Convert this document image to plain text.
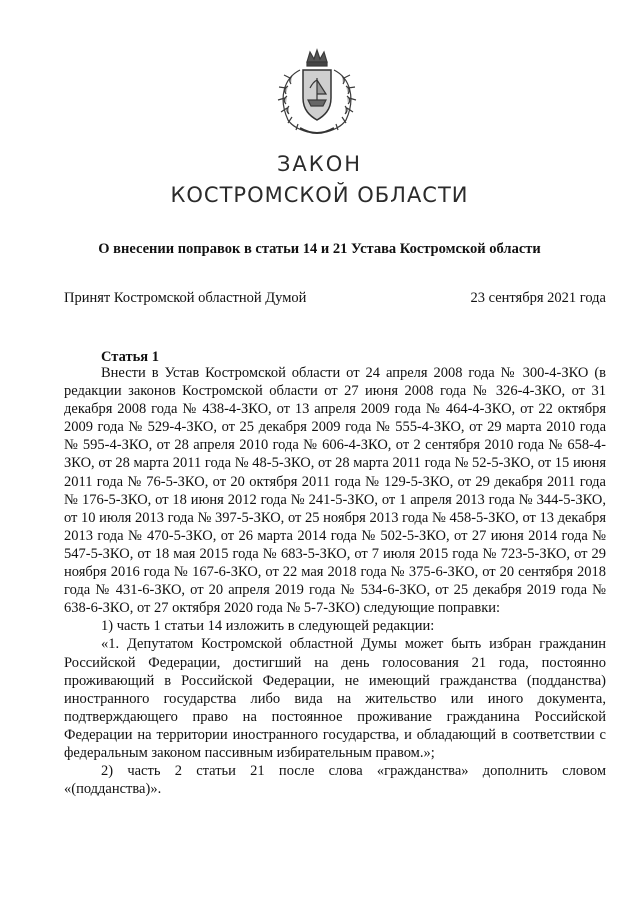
ЗАКОН
КОСТРОМСКОЙ ОБЛАСТИ
О внесении поправок в статьи 14 и 21 Устава Костромской области
Принят Костромской областной Думой	23 сентября 2021 года
Статья 1

Внести в Устав Костромской области от 24 апреля 2008 года № 300-4-ЗКО (в редакции законов Костромской области от 27 июня 2008 года № 326-4-ЗКО, от 31 декабря 2008 года № 438-4-ЗКО, от 13 апреля 2009 года № 464-4-ЗКО, от 22 октября 2009 года № 529-4-ЗКО, от 25 декабря 2009 года № 555-4-ЗКО, от 29 марта 2010 года № 595-4-ЗКО, от 28 апреля 2010 года № 606-4-ЗКО, от 2 сентября 2010 года № 658-4-ЗКО, от 28 марта 2011 года № 48-5-ЗКО, от 28 марта 2011 года № 52-5-ЗКО, от 15 июня 2011 года № 76-5-ЗКО, от 20 октября 2011 года № 129-5-ЗКО, от 29 декабря 2011 года № 176-5-ЗКО, от 18 июня 2012 года № 241-5-ЗКО, от 1 апреля 2013 года № 344-5-ЗКО, от 10 июля 2013 года № 397-5-ЗКО, от 25 ноября 2013 года № 458-5-ЗКО, от 13 декабря 2013 года № 470-5-ЗКО, от 26 марта 2014 года № 502-5-ЗКО, от 27 июня 2014 года № 547-5-ЗКО, от 18 мая 2015 года № 683-5-ЗКО, от 7 июля 2015 года № 723-5-ЗКО, от 29 ноября 2016 года № 167-6-ЗКО, от 22 мая 2018 года № 375-6-ЗКО, от 20 сентября 2018 года № 431-6-ЗКО, от 20 апреля 2019 года № 534-6-ЗКО, от 25 декабря 2019 года № 638-6-ЗКО, от 27 октября 2020 года № 5-7-ЗКО) следующие поправки:

1) часть 1 статьи 14 изложить в следующей редакции:

«1. Депутатом Костромской областной Думы может быть избран гражданин Российской Федерации, достигший на день голосования 21 года, постоянно проживающий в Российской Федерации, не имеющий гражданства (подданства) иностранного государства либо вида на жительство или иного документа, подтверждающего право на постоянное проживание гражданина Российской Федерации на территории иностранного государства, и обладающий в соответствии с федеральным законом пассивным избирательным правом.»;

2) часть 2 статьи 21 после слова «гражданства» дополнить словом «(подданства)».
